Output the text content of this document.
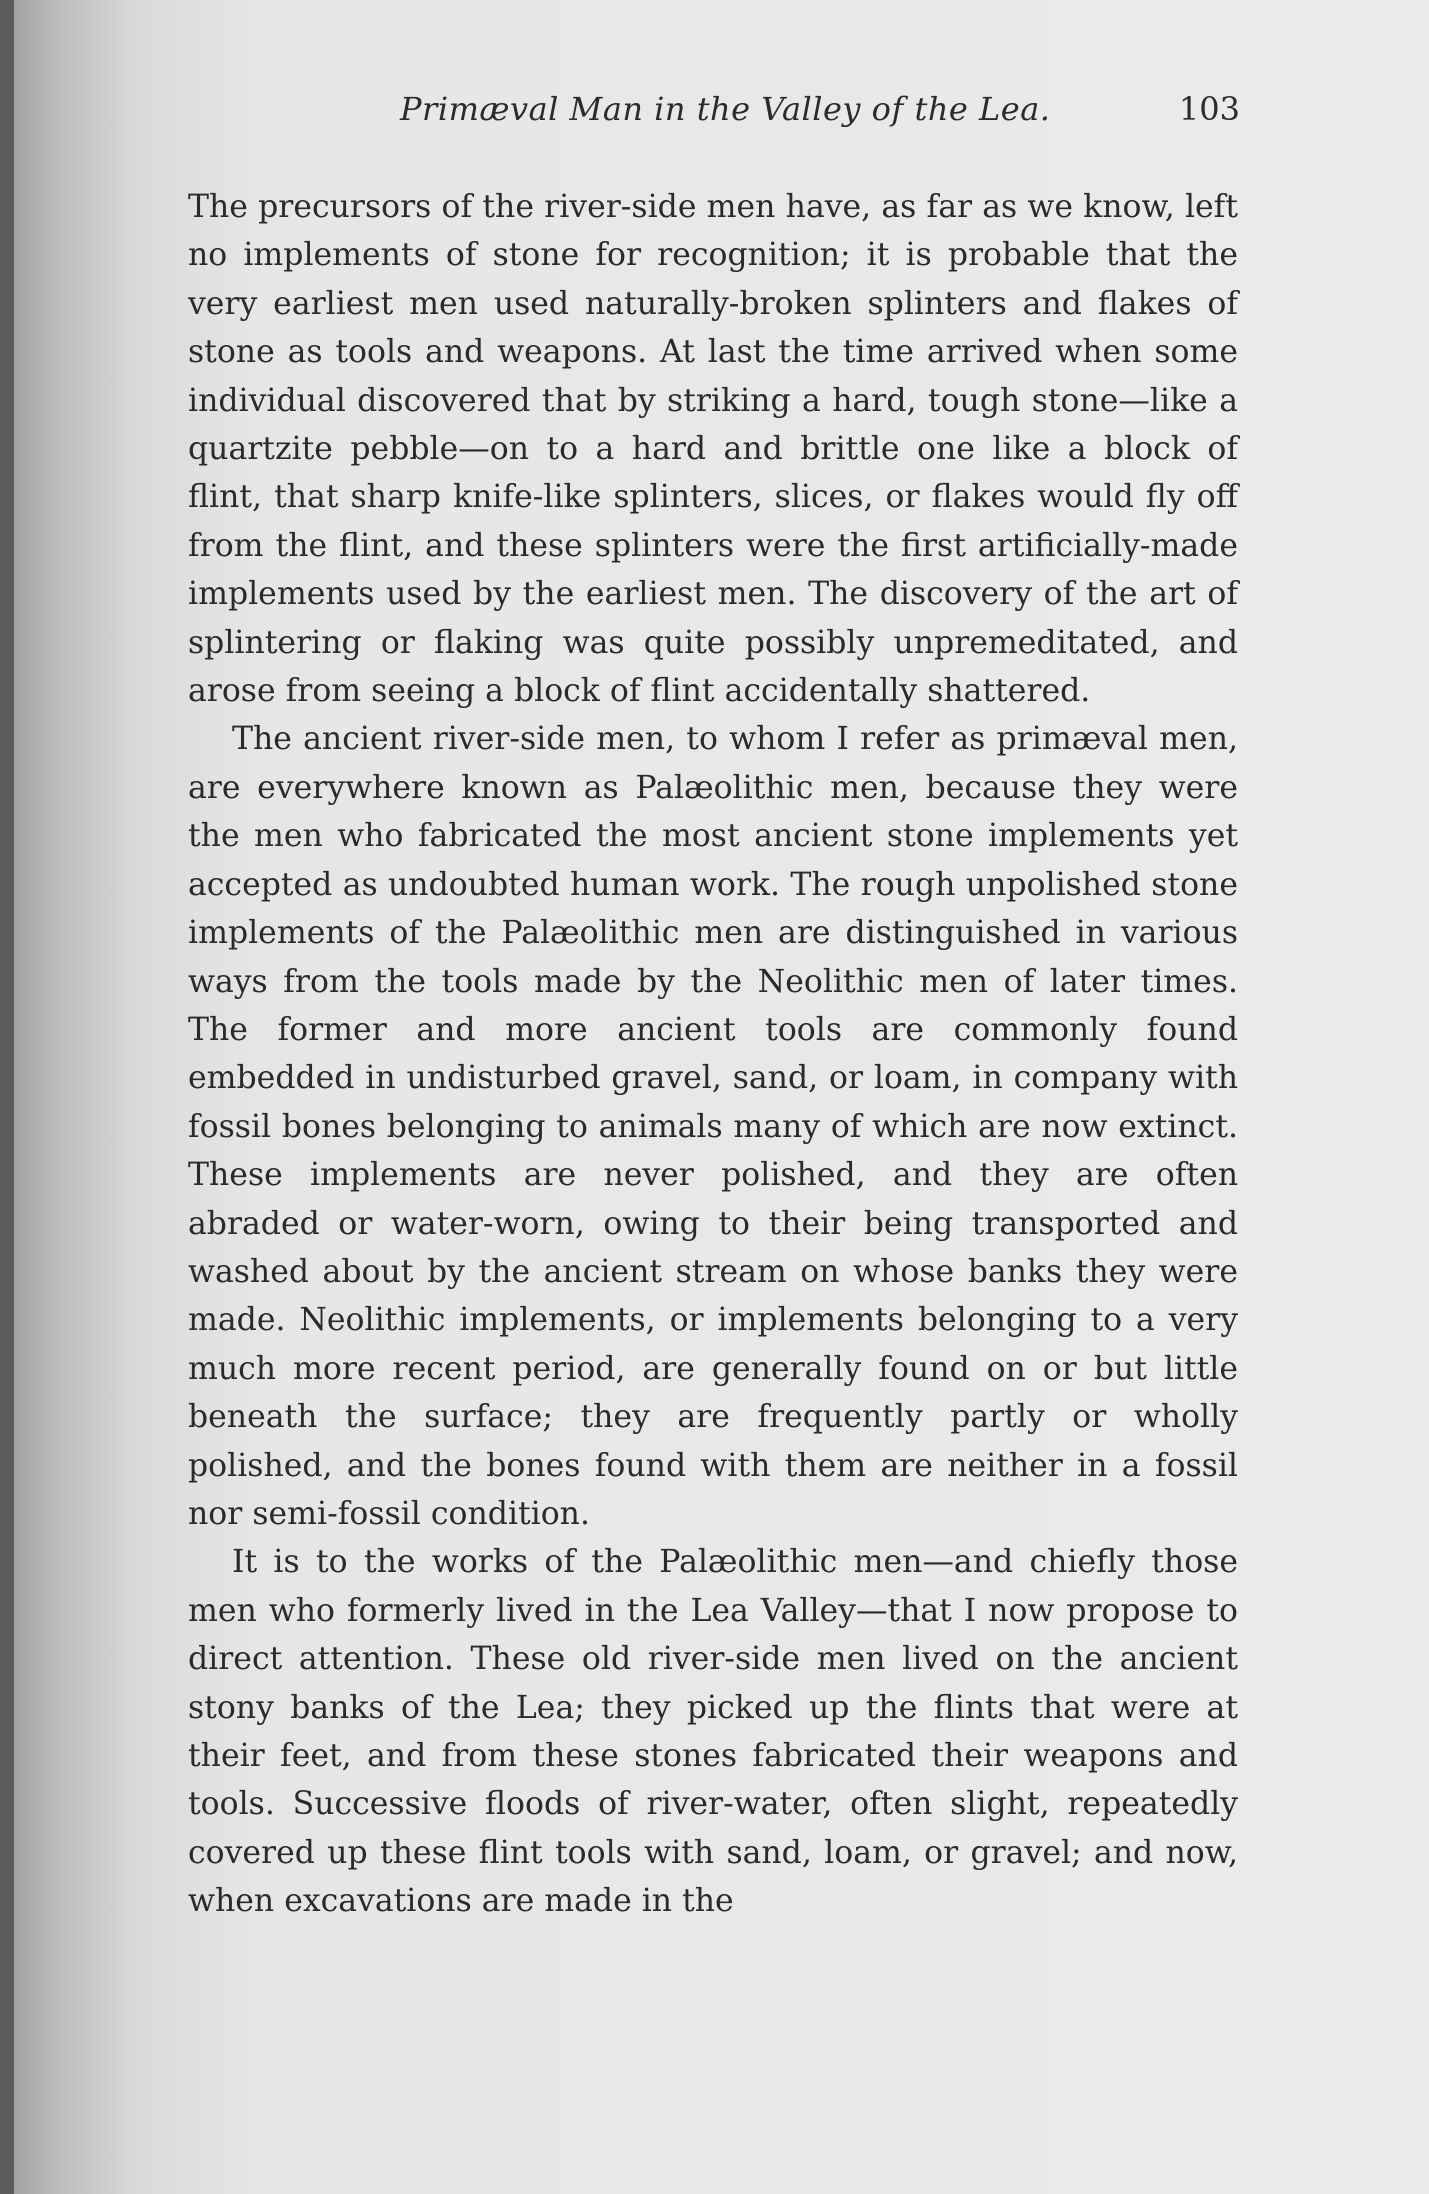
Primæval Man in the Valley of the Lea.	103

The precursors of the river-side men have, as far as we know, left no implements of stone for recognition; it is probable that the very earliest men used naturally-broken splinters and flakes of stone as tools and weapons. At last the time arrived when some individual discovered that by striking a hard, tough stone—like a quartzite pebble—on to a hard and brittle one like a block of flint, that sharp knife-like splinters, slices, or flakes would fly off from the flint, and these splinters were the first artificially-made implements used by the earliest men. The discovery of the art of splintering or flaking was quite possibly unpremeditated, and arose from seeing a block of flint accidentally shattered.

The ancient river-side men, to whom I refer as primæval men, are everywhere known as Palæolithic men, because they were the men who fabricated the most ancient stone implements yet accepted as undoubted human work. The rough unpolished stone implements of the Palæolithic men are distinguished in various ways from the tools made by the Neolithic men of later times. The former and more ancient tools are commonly found embedded in undisturbed gravel, sand, or loam, in company with fossil bones belonging to animals many of which are now extinct. These implements are never polished, and they are often abraded or water-worn, owing to their being transported and washed about by the ancient stream on whose banks they were made. Neolithic implements, or implements belonging to a very much more recent period, are generally found on or but little beneath the surface; they are frequently partly or wholly polished, and the bones found with them are neither in a fossil nor semi-fossil condition.

It is to the works of the Palæolithic men—and chiefly those men who formerly lived in the Lea Valley—that I now propose to direct attention. These old river-side men lived on the ancient stony banks of the Lea; they picked up the flints that were at their feet, and from these stones fabricated their weapons and tools. Successive floods of river-water, often slight, repeatedly covered up these flint tools with sand, loam, or gravel; and now, when excavations are made in the
